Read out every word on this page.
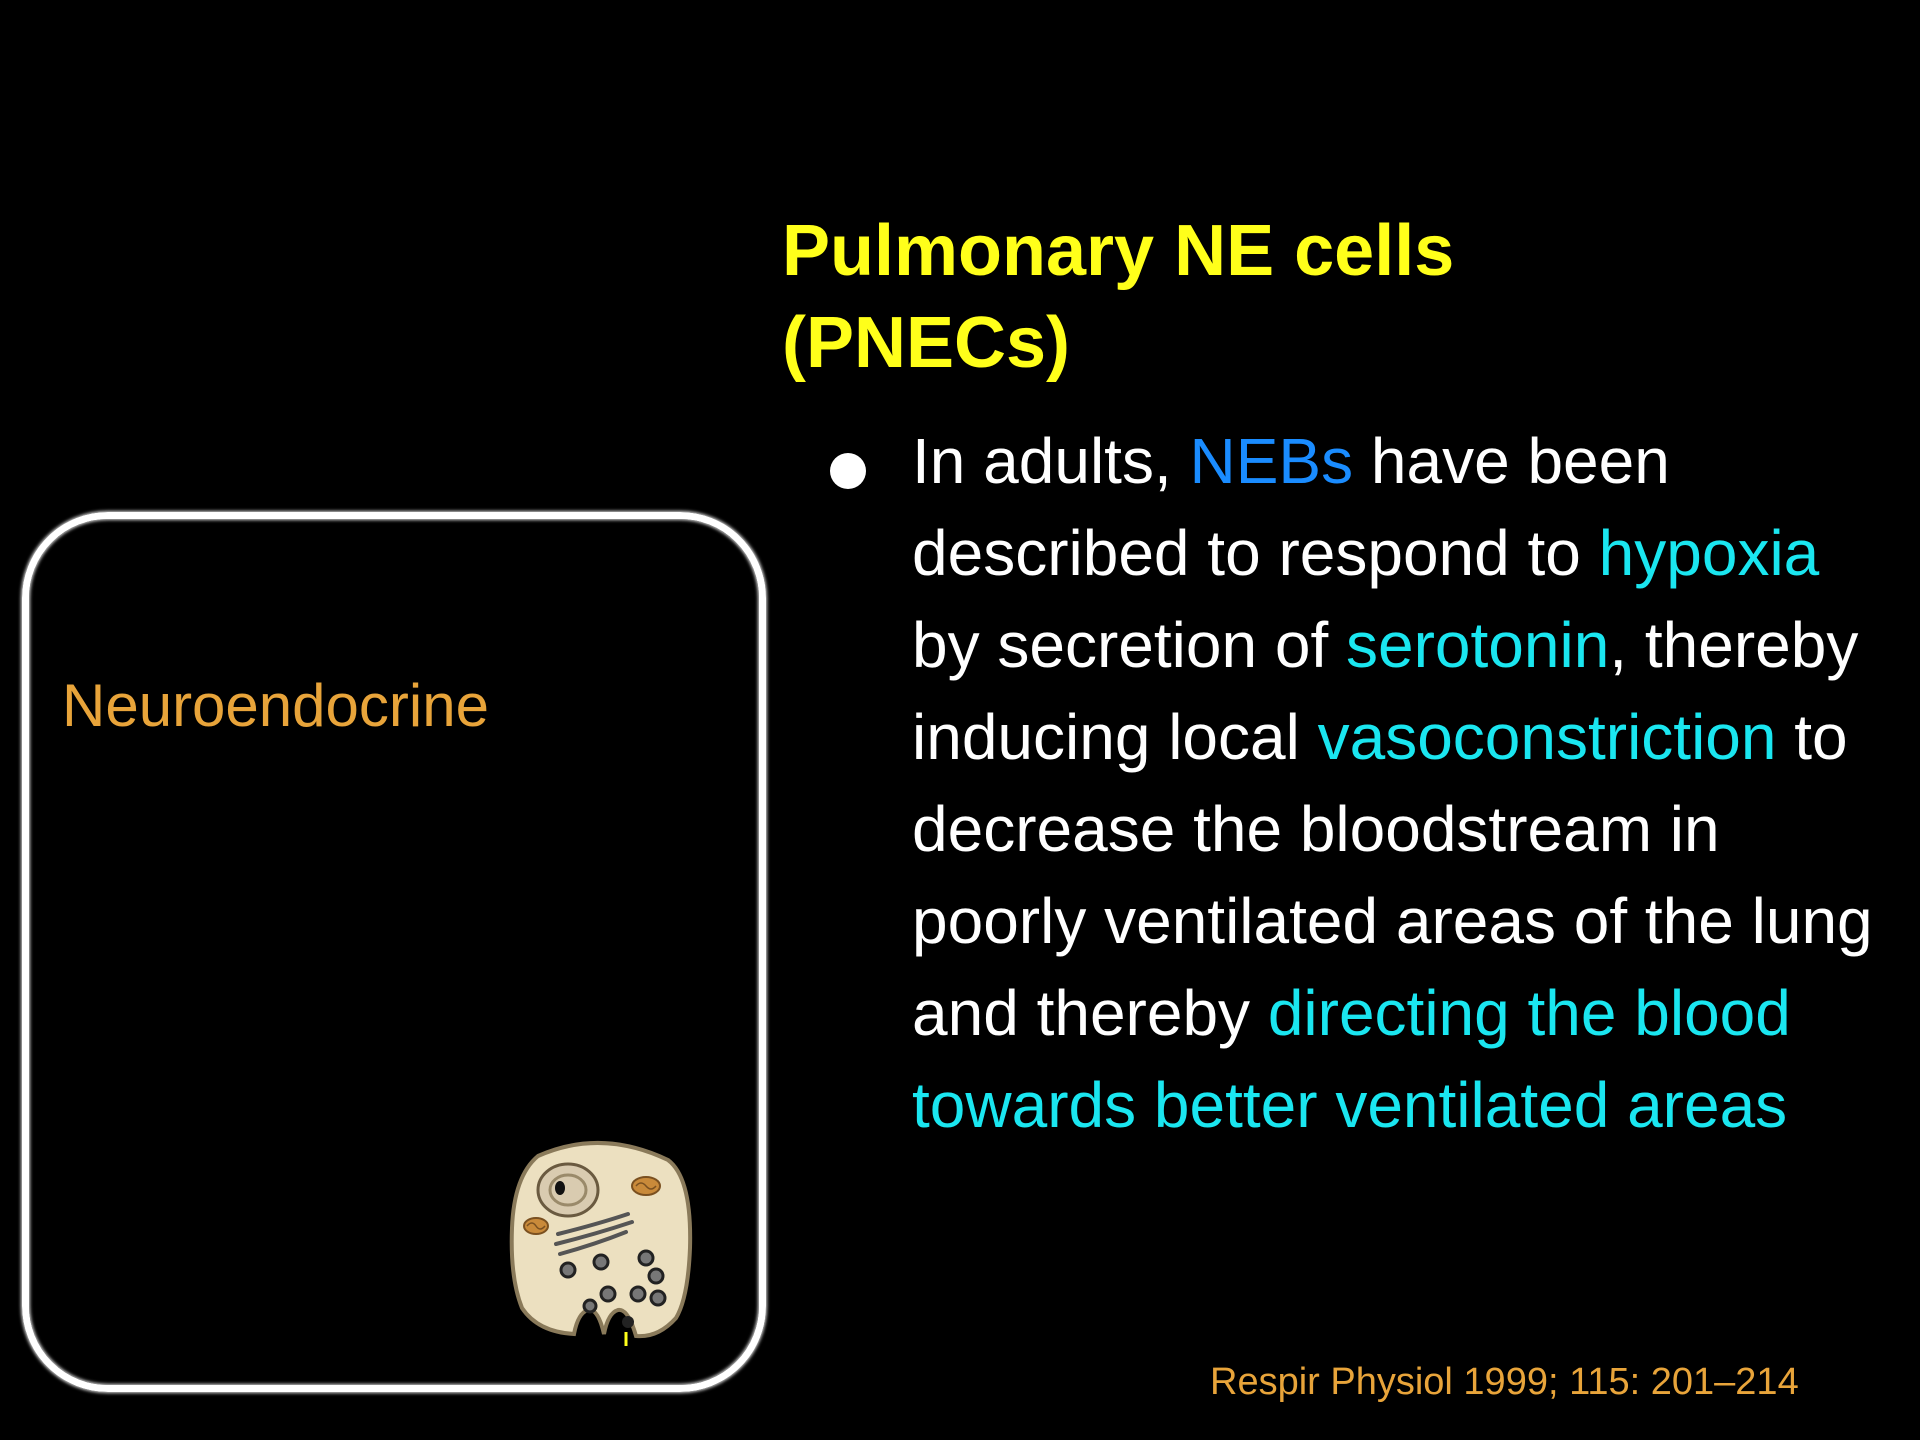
Pulmonary NE cells
(PNECs)

In adults, NEBs have been described to respond to hypoxia by secretion of serotonin, thereby inducing local vasoconstriction to decrease the bloodstream in poorly ventilated areas of the lung and thereby directing the blood towards better ventilated areas

Respir Physiol 1999; 115: 201–214
Neuroendocrine
